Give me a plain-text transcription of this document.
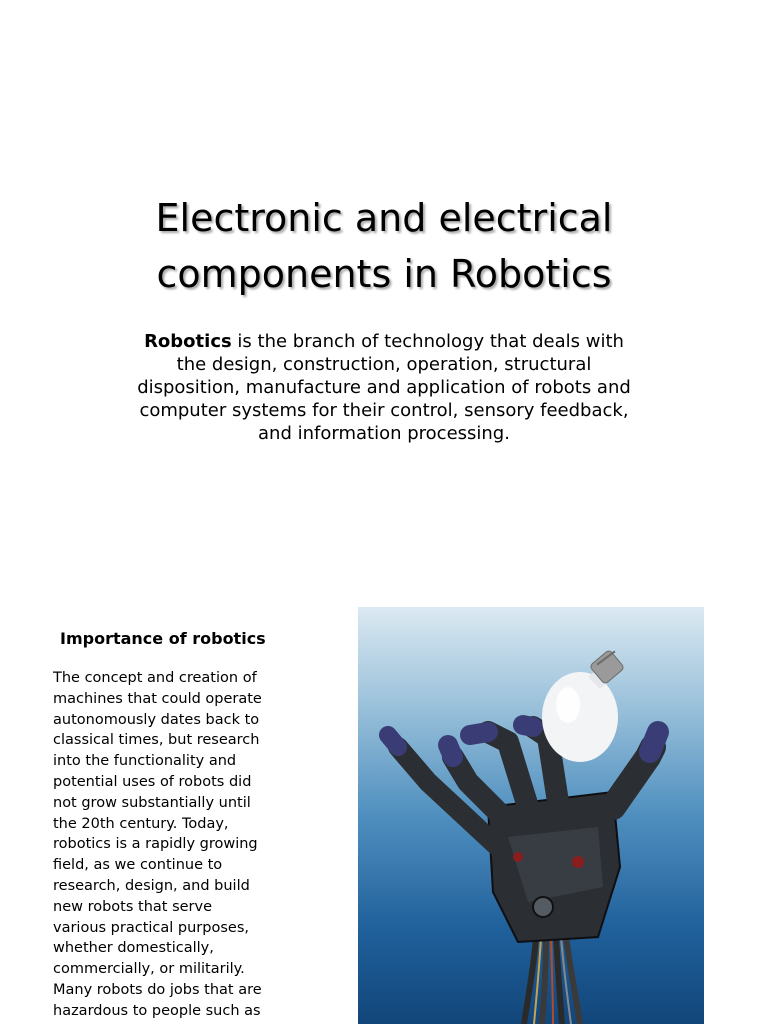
Electronic and electrical
components in Robotics
Robotics is the branch of technology that deals with
the design, construction, operation, structural
disposition, manufacture and application of robots and
computer systems for their control, sensory feedback,
and information processing.
Importance of robotics
The concept and creation of
machines that could operate
autonomously dates back to
classical times, but research
into the functionality and
potential uses of robots did
not grow substantially until
the 20th century. Today,
robotics is a rapidly growing
field, as we continue to
research, design, and build
new robots that serve
various practical purposes,
whether domestically,
commercially, or militarily.
Many robots do jobs that are
hazardous to people such as
